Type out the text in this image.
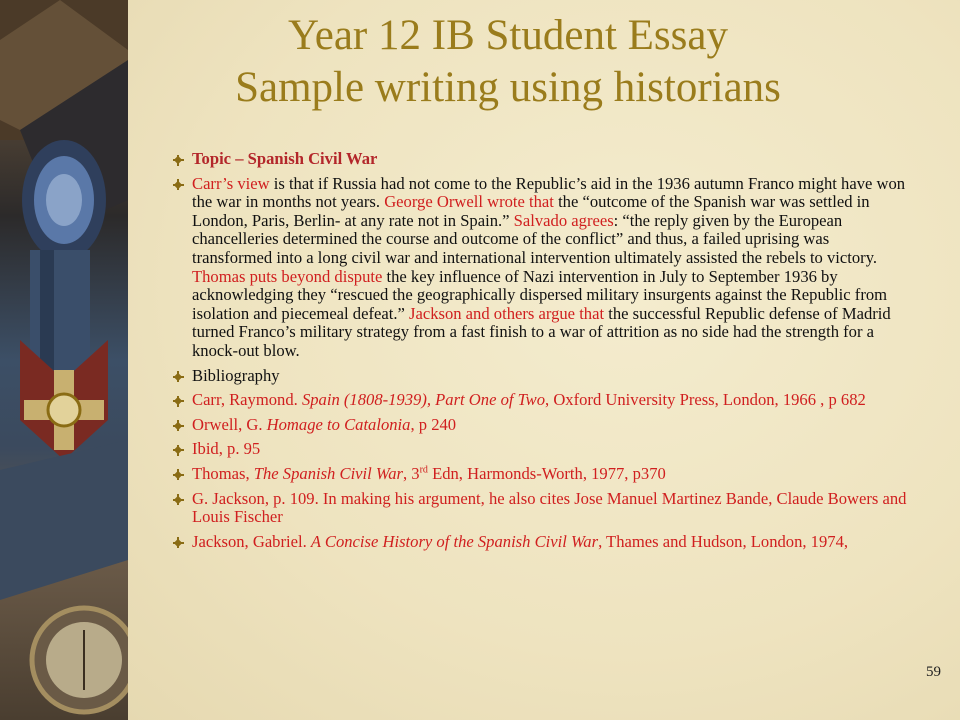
Year 12 IB Student Essay
Sample writing using historians
Topic – Spanish Civil War
Carr’s view is that if Russia had not come to the Republic’s aid in the 1936 autumn Franco might have won the war in months not years. George Orwell wrote that the “outcome of the Spanish war was settled in London, Paris, Berlin- at any rate not in Spain.” Salvado agrees: “the reply given by the European chancelleries determined the course and outcome of the conflict” and thus, a failed uprising was transformed into a long civil war and international intervention ultimately assisted the rebels to victory. Thomas puts beyond dispute the key influence of Nazi intervention in July to September 1936 by acknowledging they “rescued the geographically dispersed military insurgents against the Republic from isolation and piecemeal defeat.” Jackson and others argue that the successful Republic defense of Madrid turned Franco’s military strategy from a fast finish to a war of attrition as no side had the strength for a knock-out blow.
Bibliography
Carr, Raymond. Spain (1808-1939), Part One of Two, Oxford University Press, London, 1966 , p 682
Orwell, G. Homage to Catalonia, p 240
Ibid, p. 95
Thomas, The Spanish Civil War, 3rd Edn, Harmonds-Worth, 1977, p370
G. Jackson, p. 109. In making his argument, he also cites Jose Manuel Martinez Bande, Claude Bowers and Louis Fischer
Jackson, Gabriel. A Concise History of the Spanish Civil War, Thames and Hudson, London, 1974,
59
